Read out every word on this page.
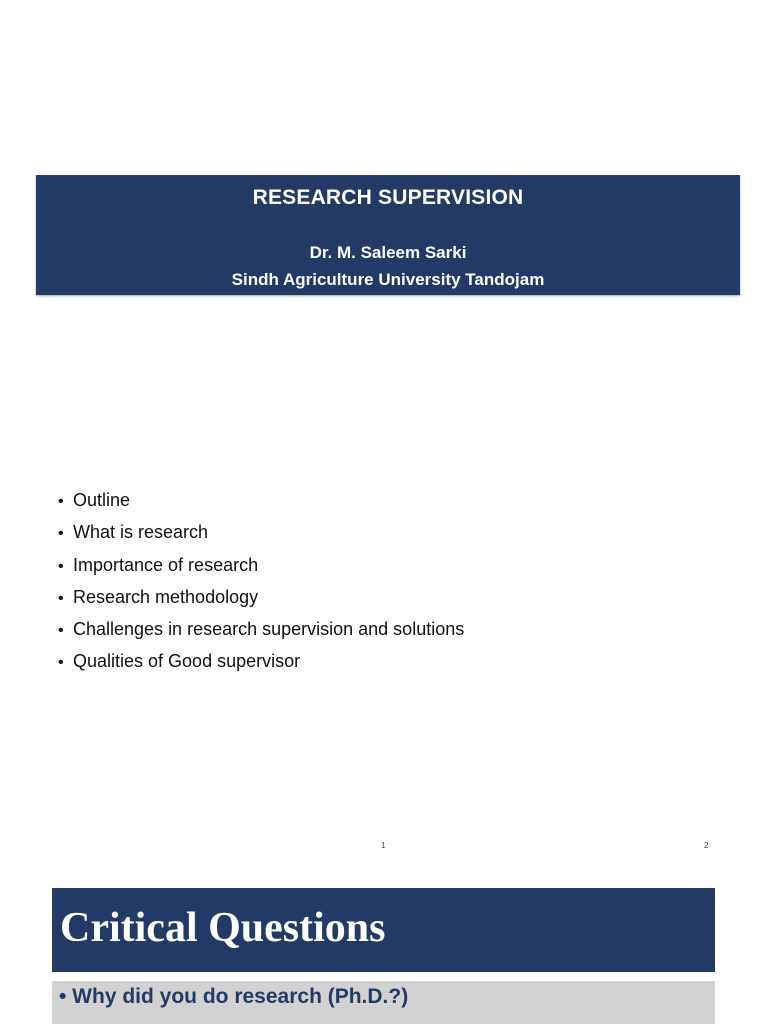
RESEARCH SUPERVISION
Dr. M. Saleem Sarki
Sindh Agriculture University Tandojam
• Outline
• What is research
• Importance of research
• Research methodology
• Challenges in research supervision and solutions
• Qualities of Good supervisor
1	2
Critical Questions
• Why did you do research (Ph.D.?)
